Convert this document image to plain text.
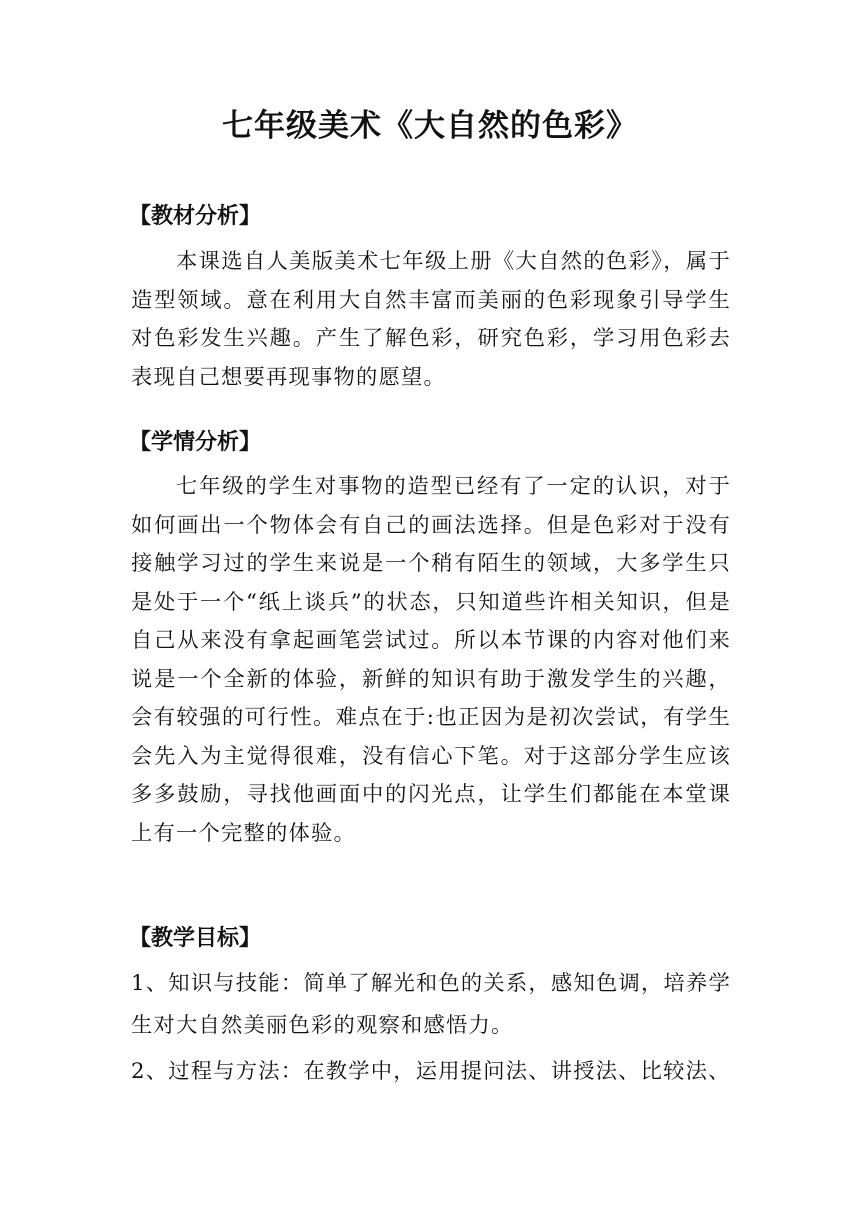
七年级美术《大自然的色彩》
【教材分析】
本课选自人美版美术七年级上册《大自然的色彩》，属于造型领域。意在利用大自然丰富而美丽的色彩现象引导学生对色彩发生兴趣。产生了解色彩，研究色彩，学习用色彩去表现自己想要再现事物的愿望。
【学情分析】
七年级的学生对事物的造型已经有了一定的认识，对于如何画出一个物体会有自己的画法选择。但是色彩对于没有接触学习过的学生来说是一个稍有陌生的领域，大多学生只是处于一个“纸上谈兵”的状态，只知道些许相关知识，但是自己从来没有拿起画笔尝试过。所以本节课的内容对他们来说是一个全新的体验，新鲜的知识有助于激发学生的兴趣，会有较强的可行性。难点在于:也正因为是初次尝试，有学生会先入为主觉得很难，没有信心下笔。对于这部分学生应该多多鼓励，寻找他画面中的闪光点，让学生们都能在本堂课上有一个完整的体验。
【教学目标】
1、知识与技能：简单了解光和色的关系，感知色调，培养学生对大自然美丽色彩的观察和感悟力。
2、过程与方法：在教学中，运用提问法、讲授法、比较法、
